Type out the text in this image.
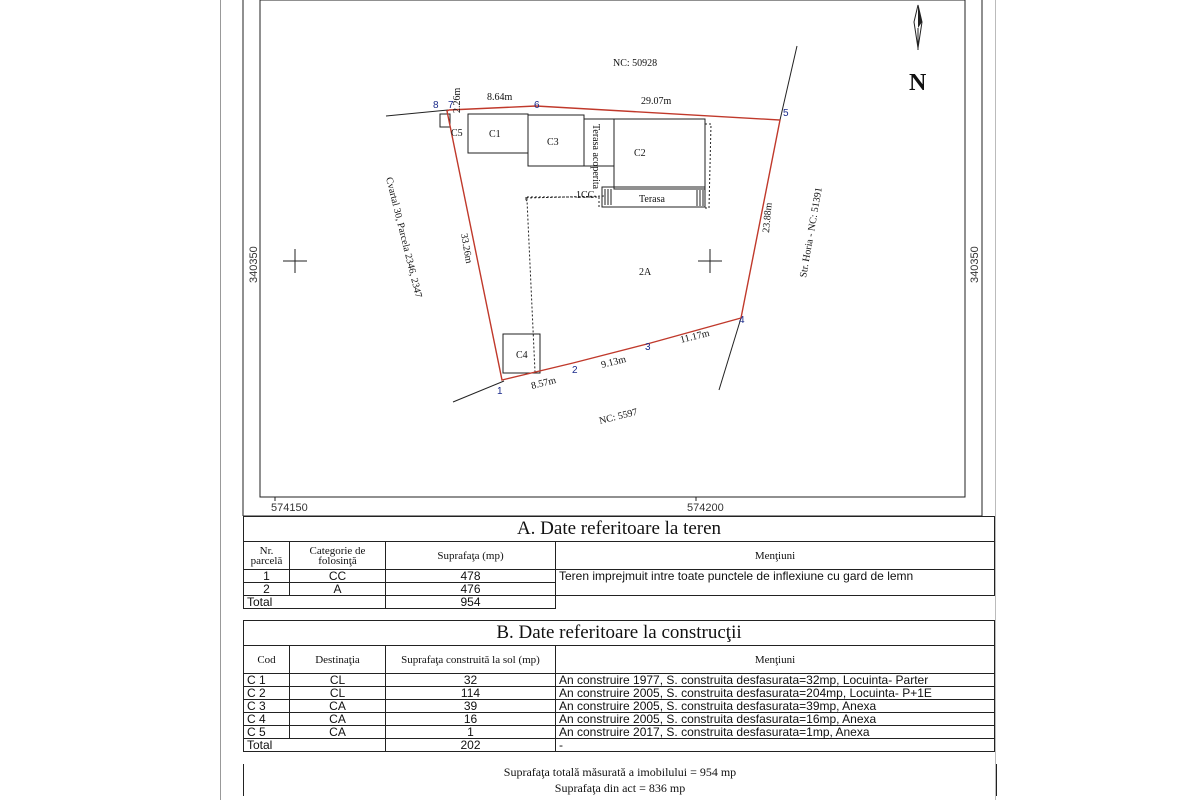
574150	574200
340350	340350
N
1
2
3
4
5
6
7
8
NC: 50928
NC: 5597
Cvartal 30, Parcela 2346, 2347	Str. Horia - NC: 51391
2.26m 8.64m	29.07m
23.88m
11.17m
9.13m
8.57m
33.26m
C1
C2
C3
C4
C5	Terasa acoperita
Terasa
1CC
2A
A. Date referitoare la teren			
Nr. parcelă	Categorie de folosinţă	Suprafaţa (mp)	Menţiuni
1	CC	478	Teren imprejmuit intre toate punctele de inflexiune cu gard de lemn
2	A	476	
Total		954	
B. Date referitoare la construcţii			
Cod	Destinaţia	Suprafaţa construită la sol (mp)	Menţiuni
C 1	CL	32	An construire 1977, S. construita desfasurata=32mp, Locuinta- Parter
C 2	CL	114	An construire 2005, S. construita desfasurata=204mp, Locuinta- P+1E
C 3	CA	39	An construire 2005, S. construita desfasurata=39mp, Anexa
C 4	CA	16	An construire 2005, S. construita desfasurata=16mp, Anexa
C 5	CA	1	An construire 2017, S. construita desfasurata=1mp, Anexa
Total		202	-
Suprafaţa totală măsurată a imobilului = 954 mp
Suprafaţa din act = 836 mp
